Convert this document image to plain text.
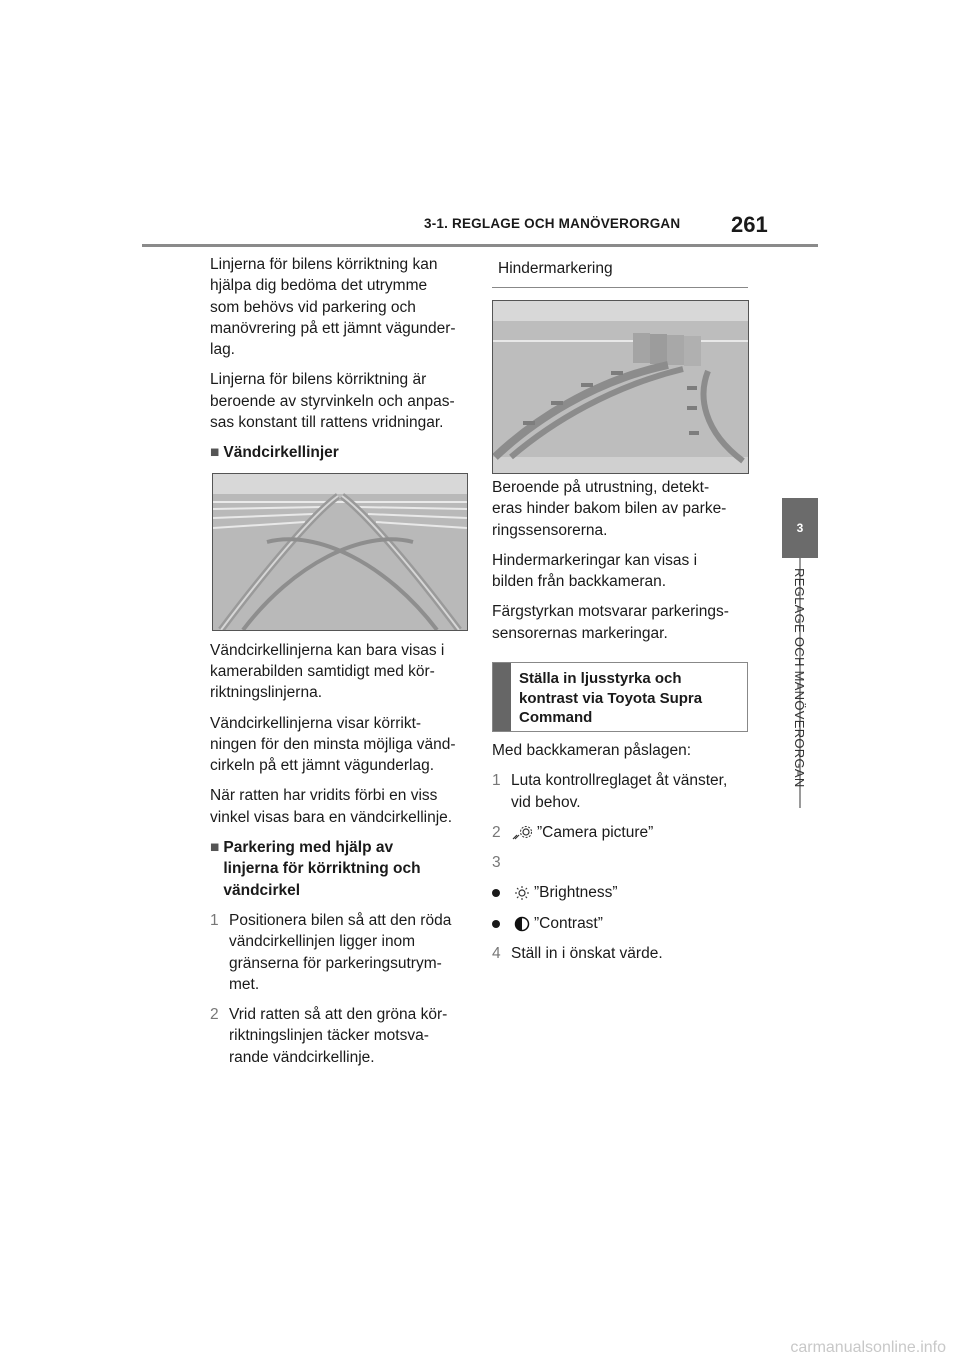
3-1. REGLAGE OCH MANÖVERORGAN 261
3
REGLAGE OCH MANÖVERORGAN

Linjerna för bilens körriktning kan
hjälpa dig bedöma det utrymme
som behövs vid parkering och
manövrering på ett jämnt vägunder-
lag.

Linjerna för bilens körriktning är
beroende av styrvinkeln och anpas-
sas konstant till rattens vridningar.

■ Vändcirkellinjer

Vändcirkellinjerna kan bara visas i
kamerabilden samtidigt med kör-
riktningslinjerna.

Vändcirkellinjerna visar körrikt-
ningen för den minsta möjliga vänd-
cirkeln på ett jämnt vägunderlag.

När ratten har vridits förbi en viss
vinkel visas bara en vändcirkellinje.

■ Parkering med hjälp av
linjerna för körriktning och
vändcirkel
1 Positionera bilen så att den röda
vändcirkellinjen ligger inom
gränserna för parkeringsutrym-
met.
2 Vrid ratten så att den gröna kör-
riktningslinjen täcker motsva-
rande vändcirkellinje.
Hindermarkering

Beroende på utrustning, detekt-
eras hinder bakom bilen av parke-
ringssensorerna.

Hindermarkeringar kan visas i
bilden från backkameran.

Färgstyrkan motsvarar parkerings-
sensorernas markeringar.

Ställa in ljusstyrka och
kontrast via Toyota Supra
Command

Med backkameran påslagen:

1 Luta kontrollreglaget åt vänster,
vid behov.
2	”Camera picture”
3
”Brightness”
”Contrast”
4 Ställ in i önskat värde.
carmanualsonline.info
